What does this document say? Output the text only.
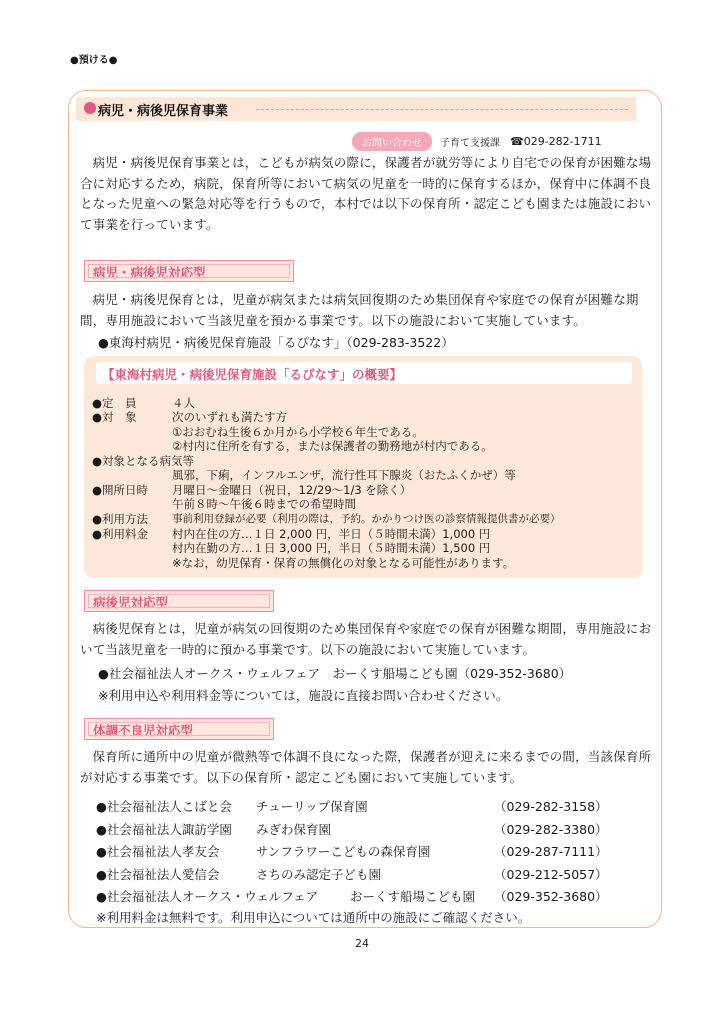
●預ける●
病児・病後児保育事業
お問い合わせ	子育て支援課 ☎029-282-1711

病児・病後児保育事業とは，こどもが病気の際に，保護者が就労等により自宅での保育が困難な場合に対応するため，病院，保育所等において病気の児童を一時的に保育するほか，保育中に体調不良となった児童への緊急対応等を行うもので，本村では以下の保育所・認定こども園または施設において事業を行っています。

病児・病後児対応型

病児・病後児保育とは，児童が病気または病気回復期のため集団保育や家庭での保育が困難な期間，専用施設において当該児童を預かる事業です。以下の施設において実施しています。

●東海村病児・病後児保育施設「るぴなす」（029-283-3522）
【東海村病児・病後児保育施設「るぴなす」の概要】
●定　員	４人
●対　象	次のいずれも満たす方
①おおむね生後６か月から小学校６年生である。
②村内に住所を有する，または保護者の勤務地が村内である。
●対象となる病気等
風邪，下痢，インフルエンザ，流行性耳下腺炎（おたふくかぜ）等
●開所日時 月曜日～金曜日（祝日，12/29～1/3 を除く）
午前８時～午後６時までの希望時間
●利用方法 事前利用登録が必要（利用の際は，予約。かかりつけ医の診察情報提供書が必要）
●利用料金 村内在住の方…１日 2,000 円，半日（５時間未満）1,000 円
村内在勤の方…１日 3,000 円，半日（５時間未満）1,500 円
※なお，幼児保育・保育の無償化の対象となる可能性があります。
病後児対応型

病後児保育とは，児童が病気の回復期のため集団保育や家庭での保育が困難な期間，専用施設において当該児童を一時的に預かる事業です。以下の施設において実施しています。

●社会福祉法人オークス・ウェルフェア　おーくす船場こども園（029-352-3680）
※利用申込や利用料金等については，施設に直接お問い合わせください。
体調不良児対応型

保育所に通所中の児童が微熱等で体調不良になった際，保護者が迎えに来るまでの間，当該保育所が対応する事業です。以下の保育所・認定こども園において実施しています。

●社会福祉法人こばと会 チューリップ保育園	（029-282-3158）
●社会福祉法人諏訪学園 みぎわ保育園	（029-282-3380）
●社会福祉法人孝友会	サンフラワーこどもの森保育園	（029-287-7111）
●社会福祉法人愛信会	さちのみ認定子ども園	（029-212-5057）
●社会福祉法人オークス・ウェルフェア	おーくす船場こども園 （029-352-3680）
※利用料金は無料です。利用申込については通所中の施設にご確認ください。
24
